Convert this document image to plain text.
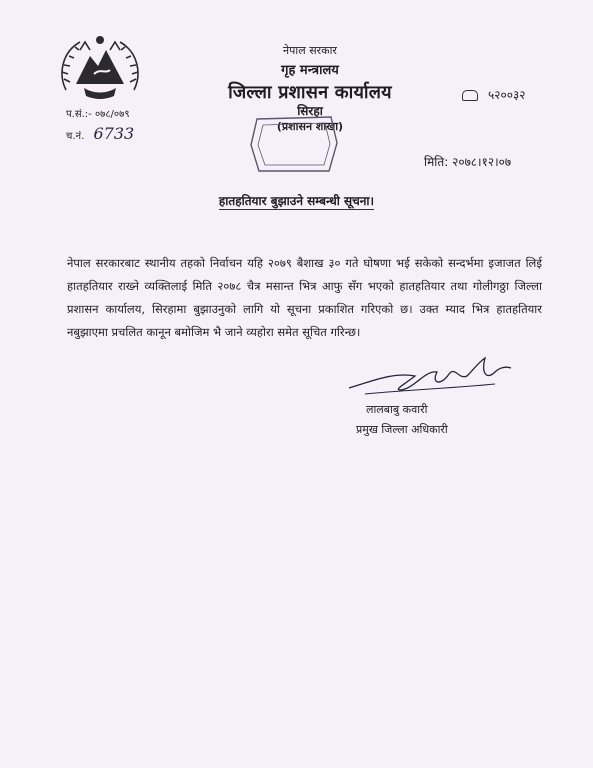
नेपाल सरकार
गृह मन्त्रालय
जिल्ला प्रशासन कार्यालय
सिरहा
(प्रशासन शाखा)
५२००३२
प.सं.:- ०७८/०७९
च.नं. 6733
मिति: २०७८।१२।०७
हातहतियार बुझाउने सम्बन्धी सूचना।
नेपाल सरकारबाट स्थानीय तहको निर्वाचन यहि २०७९ बैशाख ३० गते घोषणा भई सकेको सन्दर्भमा इजाजत लिई हातहतियार राख्ने व्यक्तिलाई मिति २०७८ चैत्र मसान्त भित्र आफु सँग भएको हातहतियार तथा गोलीगठ्ठा जिल्ला प्रशासन कार्यालय, सिरहामा बुझाउनुको लागि यो सूचना प्रकाशित गरिएको छ। उक्त म्याद भित्र हातहतियार नबुझाएमा प्रचलित कानून बमोजिम भै जाने व्यहोरा समेत सूचित गरिन्छ।
लालबाबु कवारी
प्रमुख जिल्ला अधिकारी
